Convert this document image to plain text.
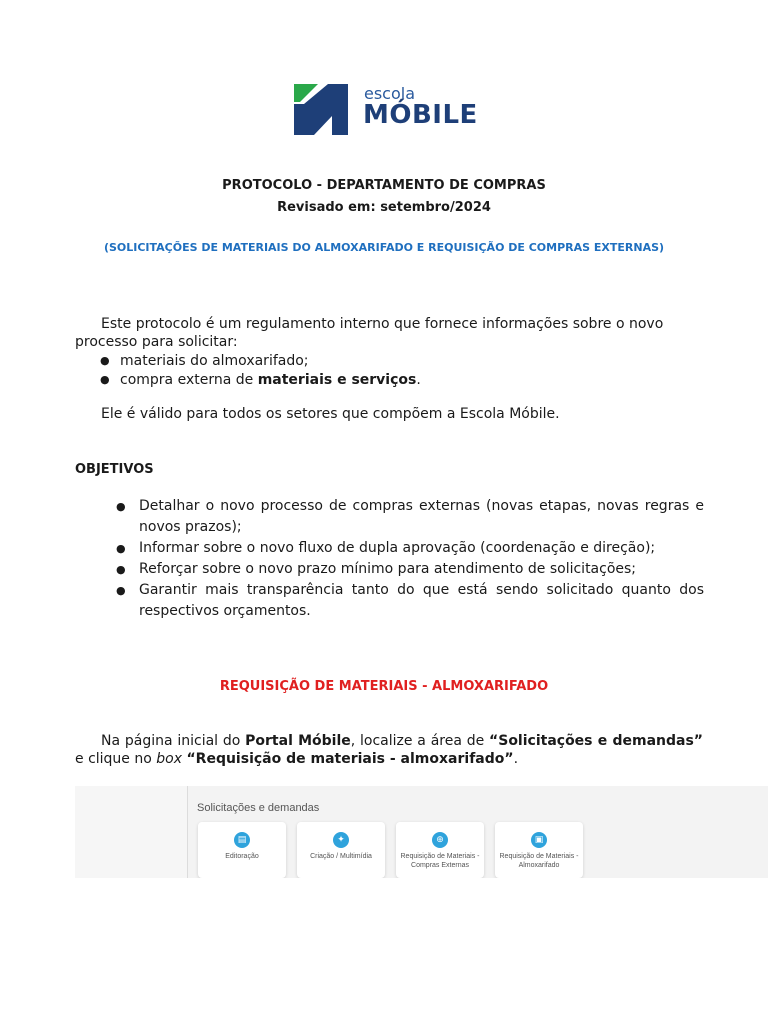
escola
MÓBILE
PROTOCOLO - DEPARTAMENTO DE COMPRAS
Revisado em: setembro/2024
(SOLICITAÇÕES DE MATERIAIS DO ALMOXARIFADO E REQUISIÇÃO DE COMPRAS EXTERNAS)
Este protocolo é um regulamento interno que fornece informações sobre o novo processo para solicitar:
● materiais do almoxarifado;
● compra externa de materiais e serviços.
Ele é válido para todos os setores que compõem a Escola Móbile.
OBJETIVOS
● Detalhar o novo processo de compras externas (novas etapas, novas regras e novos prazos);
● Informar sobre o novo fluxo de dupla aprovação (coordenação e direção);
● Reforçar sobre o novo prazo mínimo para atendimento de solicitações;
● Garantir mais transparência tanto do que está sendo solicitado quanto dos respectivos orçamentos.
REQUISIÇÃO DE MATERIAIS - ALMOXARIFADO
Na página inicial do Portal Móbile, localize a área de “Solicitações e demandas” e clique no box “Requisição de materiais - almoxarifado”.
Solicitações e demandas
▤
Editoração
✦
Criação / Multimídia
⊕
Requisição de Materiais - Compras Externas
▣
Requisição de Materiais - Almoxarifado
